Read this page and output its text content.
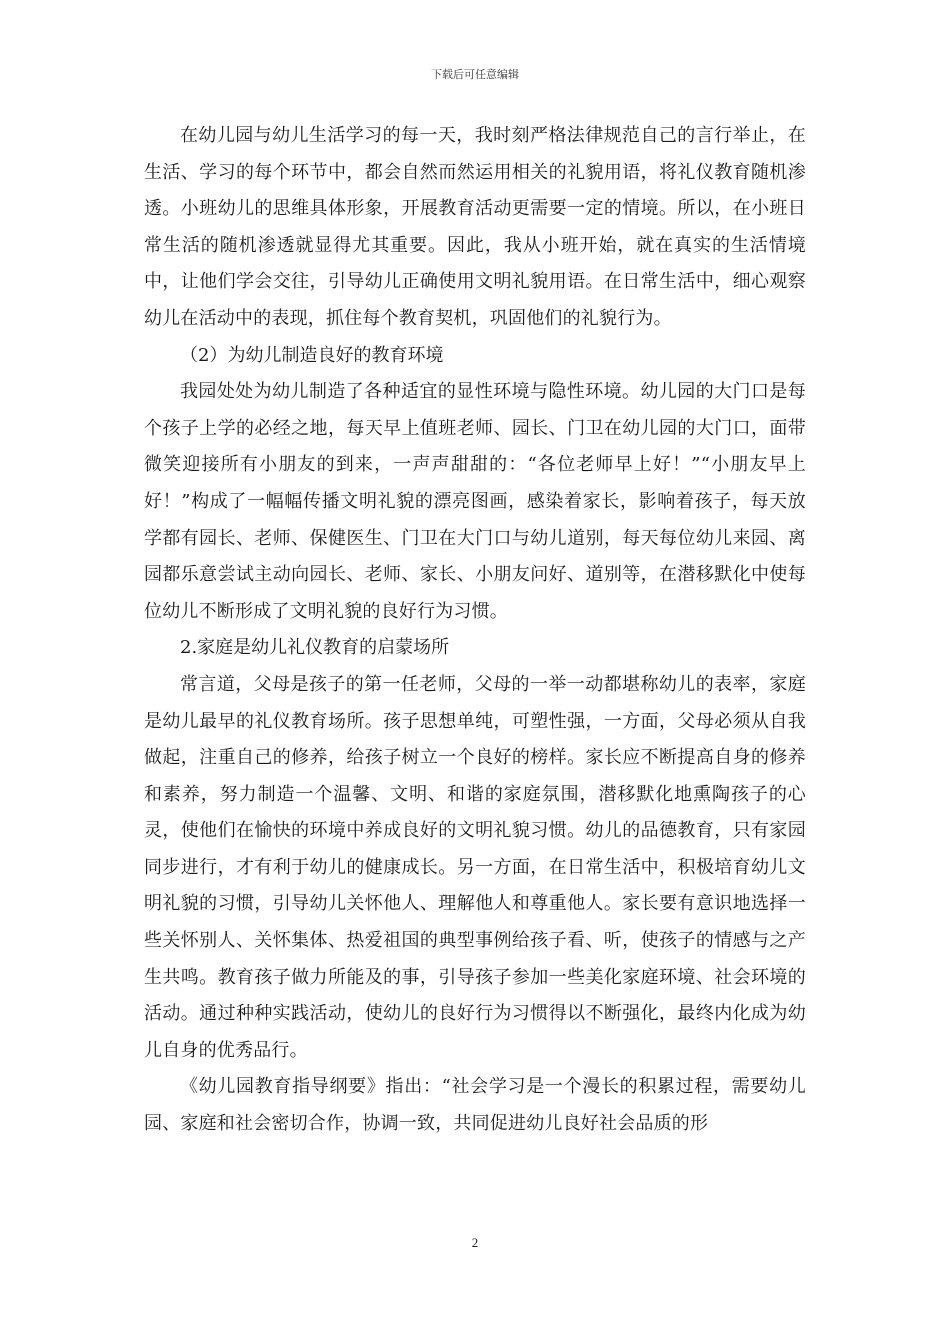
下载后可任意编辑

在幼儿园与幼儿生活学习的每一天，我时刻严格法律规范自己的言行举止，在生活、学习的每个环节中，都会自然而然运用相关的礼貌用语，将礼仪教育随机渗透。小班幼儿的思维具体形象，开展教育活动更需要一定的情境。所以，在小班日常生活的随机渗透就显得尤其重要。因此，我从小班开始，就在真实的生活情境中，让他们学会交往，引导幼儿正确使用文明礼貌用语。在日常生活中，细心观察幼儿在活动中的表现，抓住每个教育契机，巩固他们的礼貌行为。

（2）为幼儿制造良好的教育环境

我园处处为幼儿制造了各种适宜的显性环境与隐性环境。幼儿园的大门口是每个孩子上学的必经之地，每天早上值班老师、园长、门卫在幼儿园的大门口，面带微笑迎接所有小朋友的到来，一声声甜甜的：“各位老师早上好！”“小朋友早上好！”构成了一幅幅传播文明礼貌的漂亮图画，感染着家长，影响着孩子，每天放学都有园长、老师、保健医生、门卫在大门口与幼儿道别，每天每位幼儿来园、离园都乐意尝试主动向园长、老师、家长、小朋友问好、道别等，在潜移默化中使每位幼儿不断形成了文明礼貌的良好行为习惯。

2.家庭是幼儿礼仪教育的启蒙场所

常言道，父母是孩子的第一任老师，父母的一举一动都堪称幼儿的表率，家庭是幼儿最早的礼仪教育场所。孩子思想单纯，可塑性强，一方面，父母必须从自我做起，注重自己的修养，给孩子树立一个良好的榜样。家长应不断提高自身的修养和素养，努力制造一个温馨、文明、和谐的家庭氛围，潜移默化地熏陶孩子的心灵，使他们在愉快的环境中养成良好的文明礼貌习惯。幼儿的品德教育，只有家园同步进行，才有利于幼儿的健康成长。另一方面，在日常生活中，积极培育幼儿文明礼貌的习惯，引导幼儿关怀他人、理解他人和尊重他人。家长要有意识地选择一些关怀别人、关怀集体、热爱祖国的典型事例给孩子看、听，使孩子的情感与之产生共鸣。教育孩子做力所能及的事，引导孩子参加一些美化家庭环境、社会环境的活动。通过种种实践活动，使幼儿的良好行为习惯得以不断强化，最终内化成为幼儿自身的优秀品行。

《幼儿园教育指导纲要》指出：“社会学习是一个漫长的积累过程，需要幼儿园、家庭和社会密切合作，协调一致，共同促进幼儿良好社会品质的形

2
